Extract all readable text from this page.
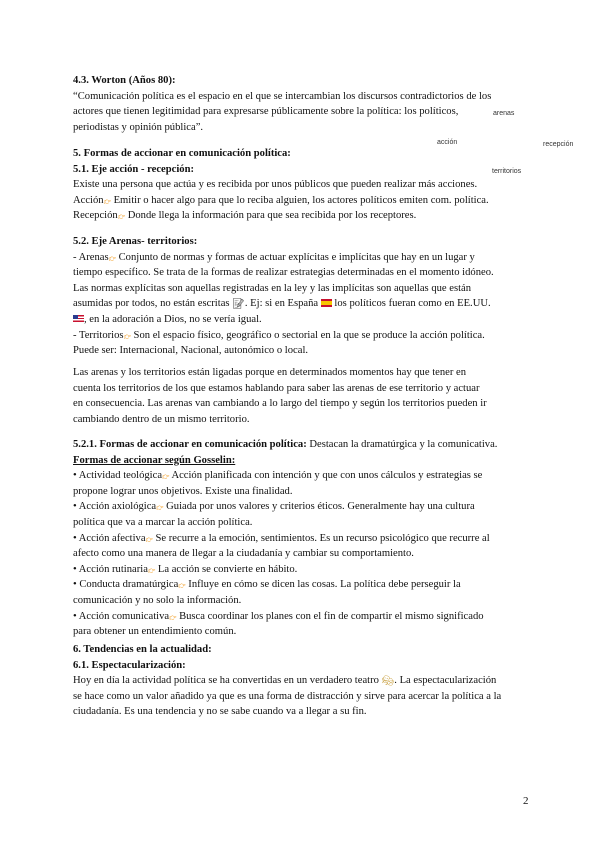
4.3. Worton (Años 80):
“Comunicación política es el espacio en el que se intercambian los discursos contradictorios de los
actores que tienen legitimidad para expresarse públicamente sobre la política: los políticos,
periodistas y opinión pública”.
arenas
acción	recepción
territorios
5. Formas de accionar en comunicación política:
5.1. Eje acción - recepción:
Existe una persona que actúa y es recibida por unos públicos que pueden realizar más acciones.
Acción👉︎ Emitir o hacer algo para que lo reciba alguien, los actores políticos emiten com. política.
Recepción👉︎ Donde llega la información para que sea recibida por los receptores.
5.2. Eje Arenas- territorios:
- Arenas👉︎ Conjunto de normas y formas de actuar explícitas e implícitas que hay en un lugar y
tiempo específico. Se trata de la formas de realizar estrategias determinadas en el momento idóneo.
Las normas explícitas son aquellas registradas en la ley y las implícitas son aquellas que están
asumidas por todos, no están escritas 📝︎. Ej: si en España  los políticos fueran como en EE.UU.
, en la adoración a Dios, no se vería igual.
- Territorios👉︎ Son el espacio físico, geográfico o sectorial en la que se produce la acción política.
Puede ser: Internacional, Nacional, autonómico o local.
Las arenas y los territorios están ligadas porque en determinados momentos hay que tener en
cuenta los territorios de los que estamos hablando para saber las arenas de ese territorio y actuar
en consecuencia. Las arenas van cambiando a lo largo del tiempo y según los territorios pueden ir
cambiando dentro de un mismo territorio.
5.2.1. Formas de accionar en comunicación política: Destacan la dramatúrgica y la comunicativa.
Formas de accionar según Gosselin:
• Actividad teológica👉︎ Acción planificada con intención y que con unos cálculos y estrategias se
propone lograr unos objetivos. Existe una finalidad.
• Acción axiológica👉︎ Guiada por unos valores y criterios éticos. Generalmente hay una cultura
política que va a marcar la acción política.
• Acción afectiva👉︎ Se recurre a la emoción, sentimientos. Es un recurso psicológico que recurre al
afecto como una manera de llegar a la ciudadanía y cambiar su comportamiento.
• Acción rutinaria👉︎ La acción se convierte en hábito.
• Conducta dramatúrgica👉︎ Influye en cómo se dicen las cosas. La política debe perseguir la
comunicación y no solo la información.
• Acción comunicativa👉︎ Busca coordinar los planes con el fin de compartir el mismo significado
para obtener un entendimiento común.
6. Tendencias en la actualidad:
6.1. Espectacularización:
Hoy en día la actividad política se ha convertidas en un verdadero teatro 🎭︎. La espectacularización
se hace como un valor añadido ya que es una forma de distracción y sirve para acercar la política a la
ciudadanía. Es una tendencia y no se sabe cuando va a llegar a su fin.
2
